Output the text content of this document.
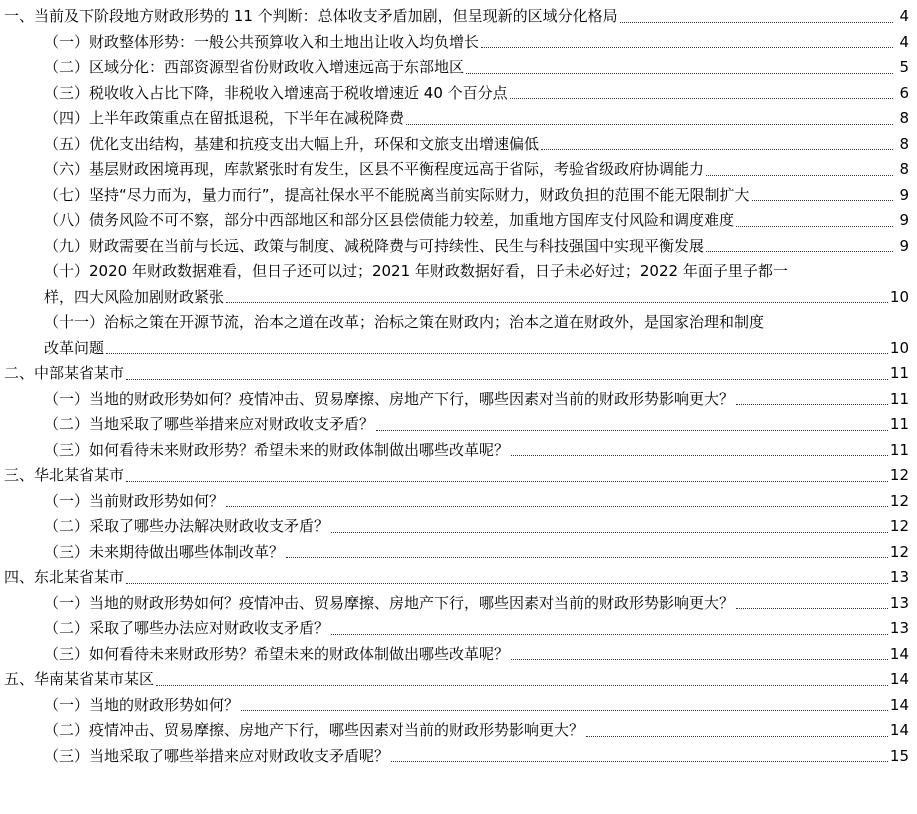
一、当前及下阶段地方财政形势的 11 个判断：总体收支矛盾加剧，但呈现新的区域分化格局	4
（一）财政整体形势：一般公共预算收入和土地出让收入均负增长	4
（二）区域分化：西部资源型省份财政收入增速远高于东部地区	5
（三）税收收入占比下降，非税收入增速高于税收增速近 40 个百分点	6
（四）上半年政策重点在留抵退税，下半年在减税降费	8
（五）优化支出结构，基建和抗疫支出大幅上升，环保和文旅支出增速偏低	8
（六）基层财政困境再现，库款紧张时有发生，区县不平衡程度远高于省际，考验省级政府协调能力	8
（七）坚持“尽力而为，量力而行”，提高社保水平不能脱离当前实际财力，财政负担的范围不能无限制扩大	9
（八）债务风险不可不察，部分中西部地区和部分区县偿债能力较差，加重地方国库支付风险和调度难度	9
（九）财政需要在当前与长远、政策与制度、减税降费与可持续性、民生与科技强国中实现平衡发展	9
（十）2020 年财政数据难看，但日子还可以过；2021 年财政数据好看，日子未必好过；2022 年面子里子都一
样，四大风险加剧财政紧张	10
（十一）治标之策在开源节流，治本之道在改革；治标之策在财政内；治本之道在财政外，是国家治理和制度
改革问题	10
二、中部某省某市	11
（一）当地的财政形势如何？疫情冲击、贸易摩擦、房地产下行，哪些因素对当前的财政形势影响更大？	11
（二）当地采取了哪些举措来应对财政收支矛盾？	11
（三）如何看待未来财政形势？希望未来的财政体制做出哪些改革呢？	11
三、华北某省某市	12
（一）当前财政形势如何？	12
（二）采取了哪些办法解决财政收支矛盾？	12
（三）未来期待做出哪些体制改革？	12
四、东北某省某市	13
（一）当地的财政形势如何？疫情冲击、贸易摩擦、房地产下行，哪些因素对当前的财政形势影响更大？	13
（二）采取了哪些办法应对财政收支矛盾？	13
（三）如何看待未来财政形势？希望未来的财政体制做出哪些改革呢？	14
五、华南某省某市某区	14
（一）当地的财政形势如何？	14
（二）疫情冲击、贸易摩擦、房地产下行，哪些因素对当前的财政形势影响更大？	14
（三）当地采取了哪些举措来应对财政收支矛盾呢？	15
